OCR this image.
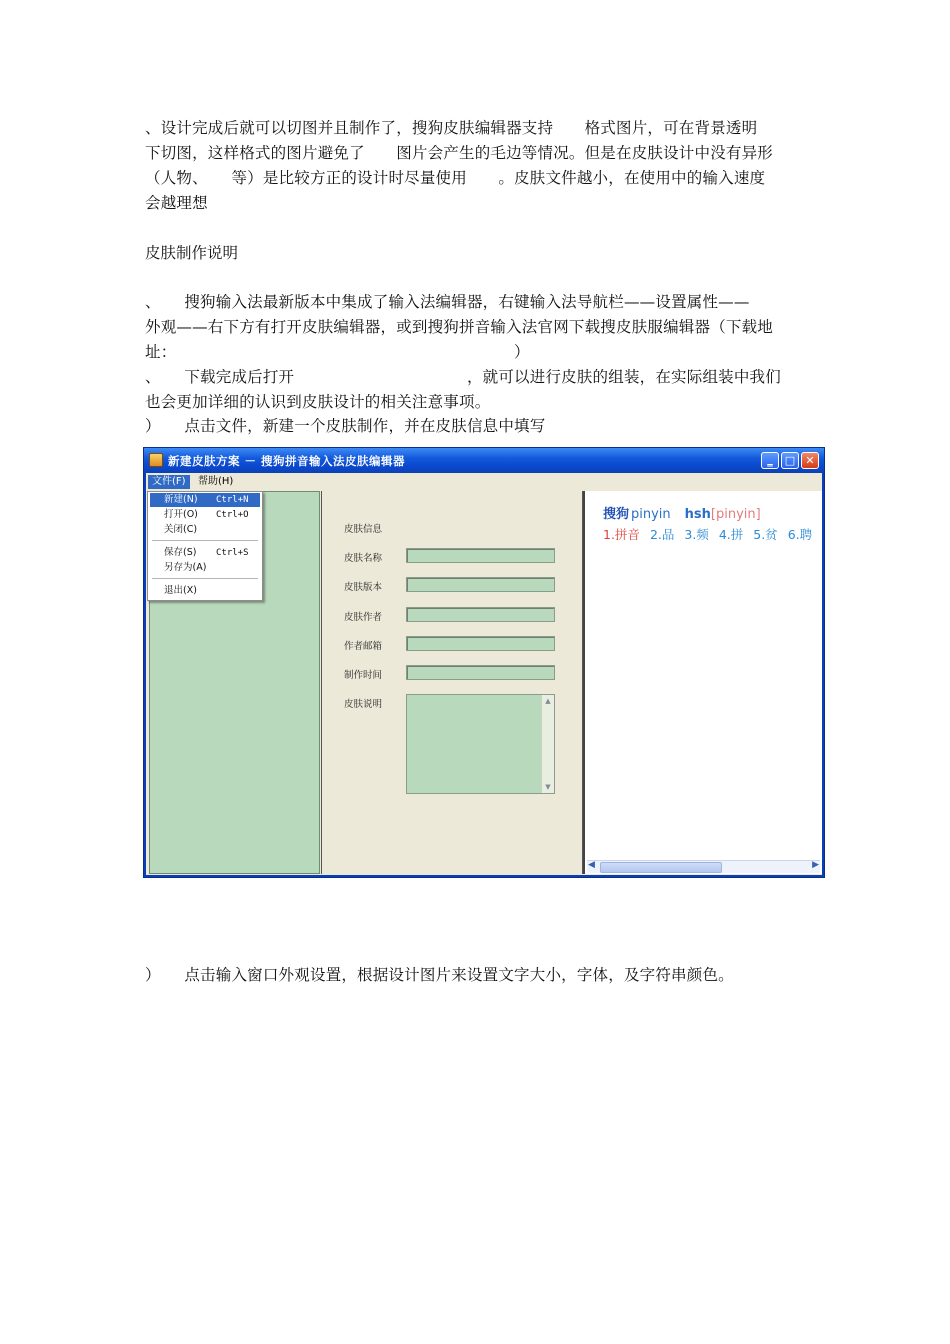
、设计完成后就可以切图并且制作了，搜狗皮肤编辑器支持　　格式图片，可在背景透明
下切图，这样格式的图片避免了　　图片会产生的毛边等情况。但是在皮肤设计中没有异形
（人物、　　等）是比较方正的设计时尽量使用　　。皮肤文件越小，在使用中的输入速度
会越理想
皮肤制作说明
、　　搜狗输入法最新版本中集成了输入法编辑器，右键输入法导航栏——设置属性——
外观——右下方有打开皮肤编辑器，或到搜狗拼音输入法官网下载搜皮肤服编辑器（下载地
址：　　　　　　　　　　　　　　　　　　　　　　）
、　　下载完成后打开　　　　　　　　　　　，就可以进行皮肤的组装，在实际组装中我们
也会更加详细的认识到皮肤设计的相关注意事项。
）　　点击文件，新建一个皮肤制作，并在皮肤信息中填写
新建皮肤方案 － 搜狗拼音输入法皮肤编辑器	‗	□ ✕
文件(F)	帮助(H)
皮肤信息
皮肤名称
皮肤版本
皮肤作者
作者邮箱
制作时间
皮肤说明	▲
▼
搜狗 pinyin hsh[pinyin]
1.拼音 2.品 3.频 4.拼 5.贫 6.聘
◀	▶
新建(N) Ctrl+N
打开(O) Ctrl+O
关闭(C)
保存(S) Ctrl+S
另存为(A)
退出(X)
）　　点击输入窗口外观设置，根据设计图片来设置文字大小，字体，及字符串颜色。
